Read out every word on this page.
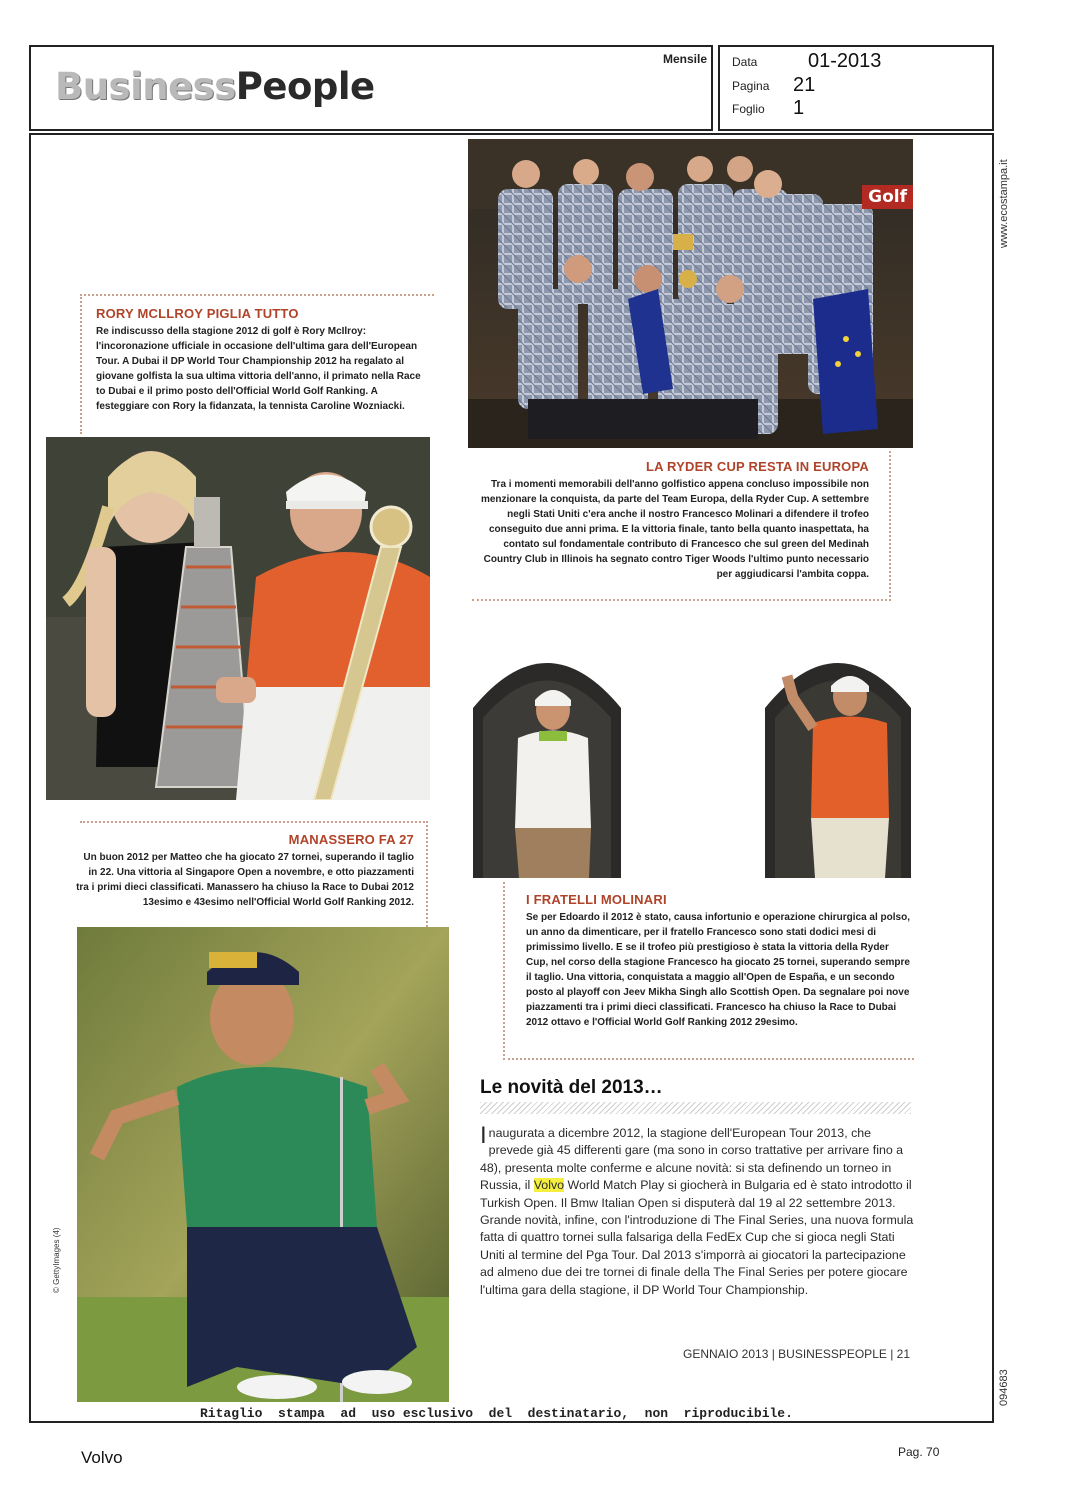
BusinessPeople
Mensile Data	01-2013
Pagina 21
Foglio 1
www.ecostampa.it
094683
Golf
RORY MCLLROY PIGLIA TUTTO
Re indiscusso della stagione 2012 di golf è Rory McIlroy: l'incoronazione ufficiale in occasione dell'ultima gara dell'European Tour. A Dubai il DP World Tour Championship 2012 ha regalato al giovane golfista la sua ultima vittoria dell'anno, il primato nella Race to Dubai e il primo posto dell'Official World Golf Ranking. A festeggiare con Rory la fidanzata, la tennista Caroline Wozniacki.
LA RYDER CUP RESTA IN EUROPA
Tra i momenti memorabili dell'anno golfistico appena concluso impossibile non menzionare la conquista, da parte del Team Europa, della Ryder Cup. A settembre negli Stati Uniti c'era anche il nostro Francesco Molinari a difendere il trofeo conseguito due anni prima. E la vittoria finale, tanto bella quanto inaspettata, ha contato sul fondamentale contributo di Francesco che sul green del Medinah Country Club in Illinois ha segnato contro Tiger Woods l'ultimo punto necessario per aggiudicarsi l'ambita coppa.
MANASSERO FA 27
Un buon 2012 per Matteo che ha giocato 27 tornei, superando il taglio in 22. Una vittoria al Singapore Open a novembre, e otto piazzamenti tra i primi dieci classificati. Manassero ha chiuso la Race to Dubai 2012 13esimo e 43esimo nell'Official World Golf Ranking 2012.
© GettyImages (4)
I FRATELLI MOLINARI
Se per Edoardo il 2012 è stato, causa infortunio e operazione chirurgica al polso, un anno da dimenticare, per il fratello Francesco sono stati dodici mesi di primissimo livello. E se il trofeo più prestigioso è stata la vittoria della Ryder Cup, nel corso della stagione Francesco ha giocato 25 tornei, superando sempre il taglio. Una vittoria, conquistata a maggio all'Open de España, e un secondo posto al playoff con Jeev Mikha Singh allo Scottish Open. Da segnalare poi nove piazzamenti tra i primi dieci classificati. Francesco ha chiuso la Race to Dubai 2012 ottavo e l'Official World Golf Ranking 2012 29esimo.
Le novità del 2013…
Inaugurata a dicembre 2012, la stagione dell'European Tour 2013, che prevede già 45 differenti gare (ma sono in corso trattative per arrivare fino a 48), presenta molte conferme e alcune novità: si sta definendo un torneo in Russia, il Volvo World Match Play si giocherà in Bulgaria ed è stato introdotto il Turkish Open. Il Bmw Italian Open si disputerà dal 19 al 22 settembre 2013. Grande novità, infine, con l'introduzione di The Final Series, una nuova formula fatta di quattro tornei sulla falsariga della FedEx Cup che si gioca negli Stati Uniti al termine del Pga Tour. Dal 2013 s'imporrà ai giocatori la partecipazione ad almeno due dei tre tornei di finale della The Final Series per potere giocare l'ultima gara della stagione, il DP World Tour Championship.
GENNAIO 2013 | BUSINESSPEOPLE | 21
Ritaglio  stampa  ad  uso esclusivo  del  destinatario,  non  riproducibile.
Volvo	Pag. 70
